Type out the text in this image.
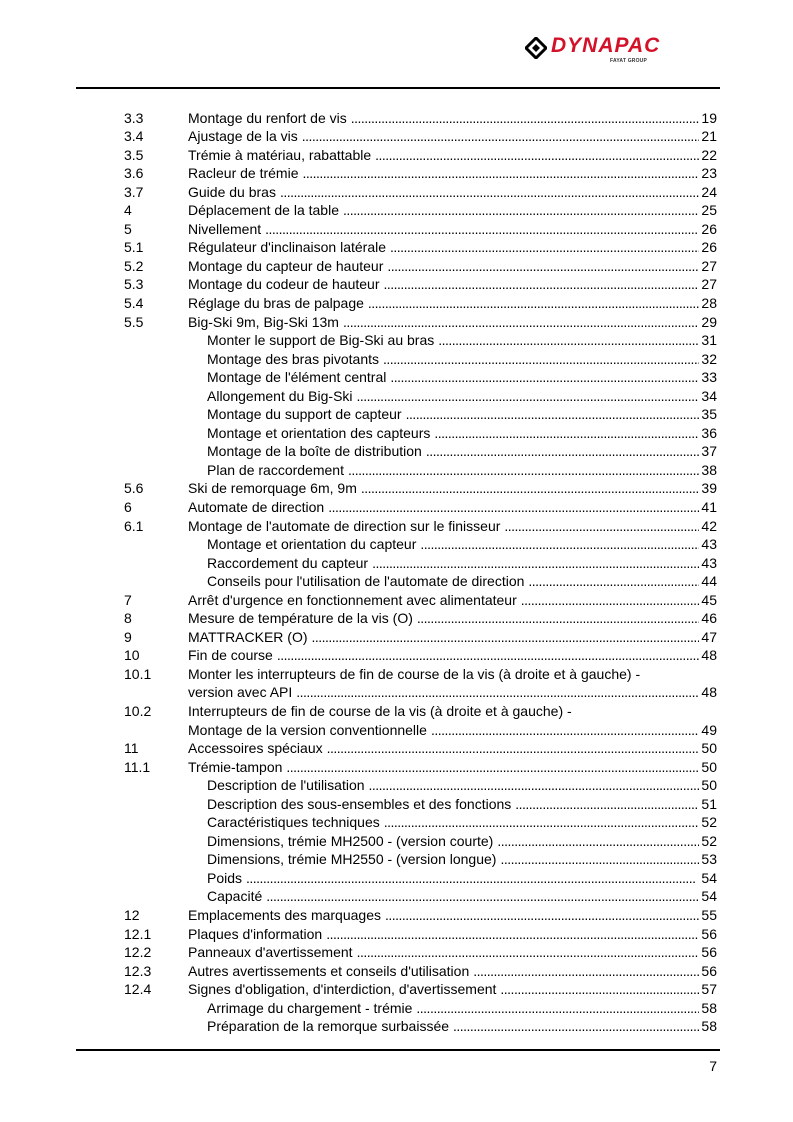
DYNAPAC
FAYAT GROUP
3.3	Montage du renfort de vis . . .	19
3.4	Ajustage de la vis . . .	21
3.5	Trémie à matériau, rabattable . . .	22
3.6	Racleur de trémie . . .	23
3.7	Guide du bras . . .	24
4	Déplacement de la table . . .	25
5	Nivellement . . .	26
5.1	Régulateur d'inclinaison latérale . . .	26
5.2	Montage du capteur de hauteur . . .	27
5.3	Montage du codeur de hauteur . . .	27
5.4	Réglage du bras de palpage . . .	28
5.5	Big-Ski 9m, Big-Ski 13m . . .	29
Monter le support de Big-Ski au bras . . .	31
Montage des bras pivotants . . .	32
Montage de l'élément central . . .	33
Allongement du Big-Ski . . .	34
Montage du support de capteur . . .	35
Montage et orientation des capteurs . . .	36
Montage de la boîte de distribution . . .	37
Plan de raccordement . . .	38
5.6	Ski de remorquage 6m, 9m . . .	39
6	Automate de direction . . .	41
6.1	Montage de l'automate de direction sur le finisseur . . .	42
Montage et orientation du capteur . . .	43
Raccordement du capteur . . .	43
Conseils pour l'utilisation de l'automate de direction . . .	44
7	Arrêt d'urgence en fonctionnement avec alimentateur . . .	45
8	Mesure de température de la vis (O) . . .	46
9	MATTRACKER (O) . . .	47
10	Fin de course . . .	48
10.1	Monter les interrupteurs de fin de course de la vis (à droite et à gauche) -
version avec API . . .	48
10.2	Interrupteurs de fin de course de la vis (à droite et à gauche) -
Montage de la version conventionnelle . . .	49
11	Accessoires spéciaux . . .	50
11.1	Trémie-tampon . . .	50
Description de l'utilisation . . .	50
Description des sous-ensembles et des fonctions . . .	51
Caractéristiques techniques . . .	52
Dimensions, trémie MH2500 - (version courte) . . .	52
Dimensions, trémie MH2550 - (version longue) . . .	53
Poids . . .	54
Capacité . . .	54
12	Emplacements des marquages . . .	55
12.1	Plaques d'information . . .	56
12.2	Panneaux d'avertissement . . .	56
12.3	Autres avertissements et conseils d'utilisation . . .	56
12.4	Signes d'obligation, d'interdiction, d'avertissement . . .	57
Arrimage du chargement - trémie . . .	58
Préparation de la remorque surbaissée . . .	58
7
